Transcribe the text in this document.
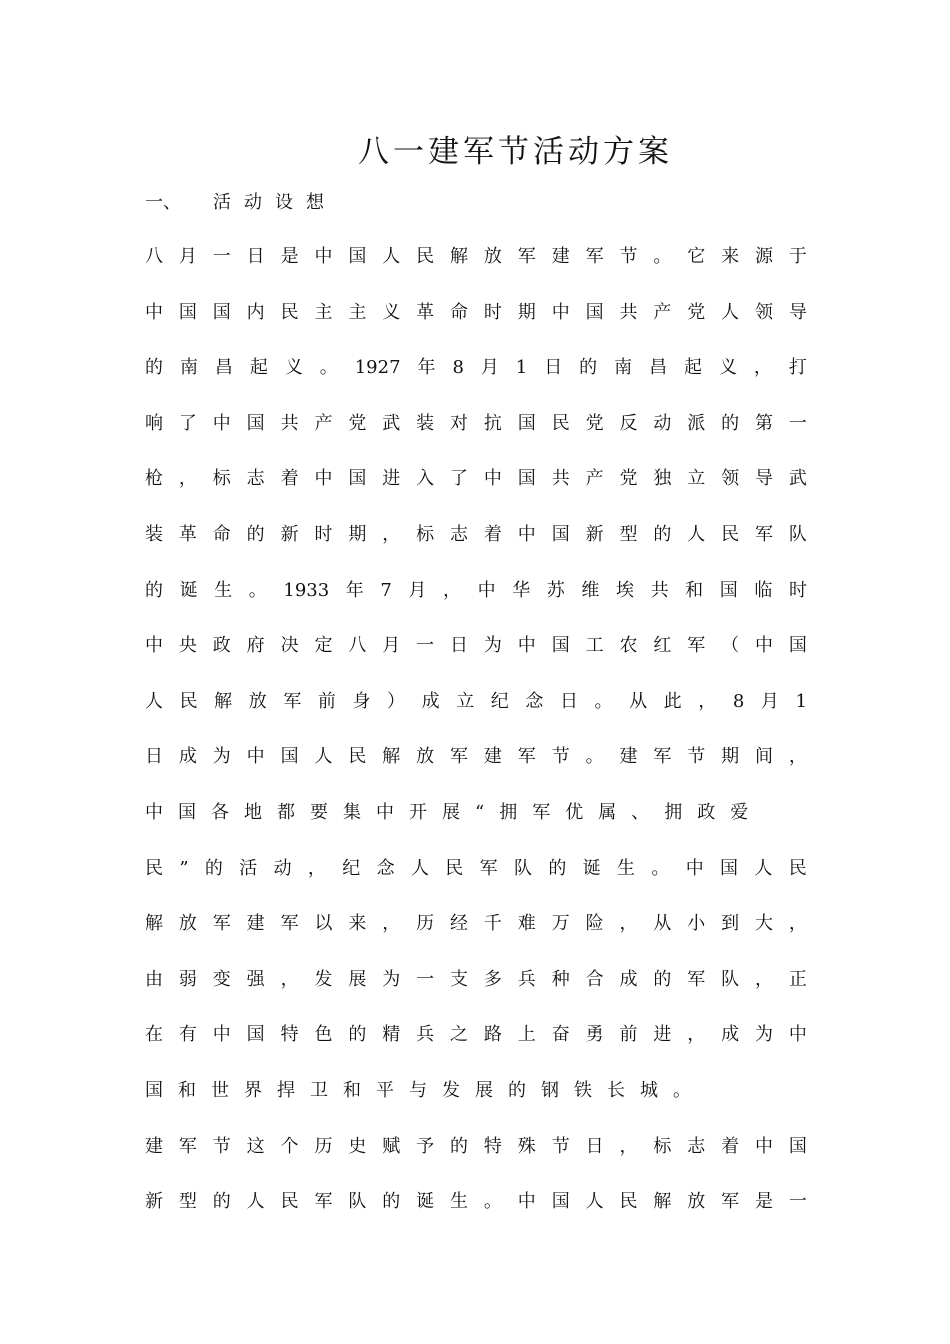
八一建军节活动方案
一、 活动设想
八 月 一 日 是 中 国 人 民 解 放 军 建 军 节 。 它 来 源 于
中 国 国 内 民 主 主 义 革 命 时 期 中 国 共 产 党 人 领 导
的 南 昌 起 义 。 1927 年 8 月 1 日 的 南 昌 起 义 ， 打
响 了 中 国 共 产 党 武 装 对 抗 国 民 党 反 动 派 的 第 一
枪 ， 标 志 着 中 国 进 入 了 中 国 共 产 党 独 立 领 导 武
装 革 命 的 新 时 期 ， 标 志 着 中 国 新 型 的 人 民 军 队
的 诞 生 。 1933 年 7 月 ， 中 华 苏 维 埃 共 和 国 临 时
中 央 政 府 决 定 八 月 一 日 为 中 国 工 农 红 军 （ 中 国
人 民 解 放 军 前 身 ） 成 立 纪 念 日 。 从 此 ， 8 月 1
日 成 为 中 国 人 民 解 放 军 建 军 节 。 建 军 节 期 间 ，
中 国 各 地 都 要 集 中 开 展 “ 拥 军 优 属 、 拥 政 爱
民 ” 的 活 动 ， 纪 念 人 民 军 队 的 诞 生 。 中 国 人 民
解 放 军 建 军 以 来 ， 历 经 千 难 万 险 ， 从 小 到 大 ，
由 弱 变 强 ， 发 展 为 一 支 多 兵 种 合 成 的 军 队 ， 正
在 有 中 国 特 色 的 精 兵 之 路 上 奋 勇 前 进 ， 成 为 中
国 和 世 界 捍 卫 和 平 与 发 展 的 钢 铁 长 城 。
建 军 节 这 个 历 史 赋 予 的 特 殊 节 日 ， 标 志 着 中 国
新 型 的 人 民 军 队 的 诞 生 。 中 国 人 民 解 放 军 是 一
